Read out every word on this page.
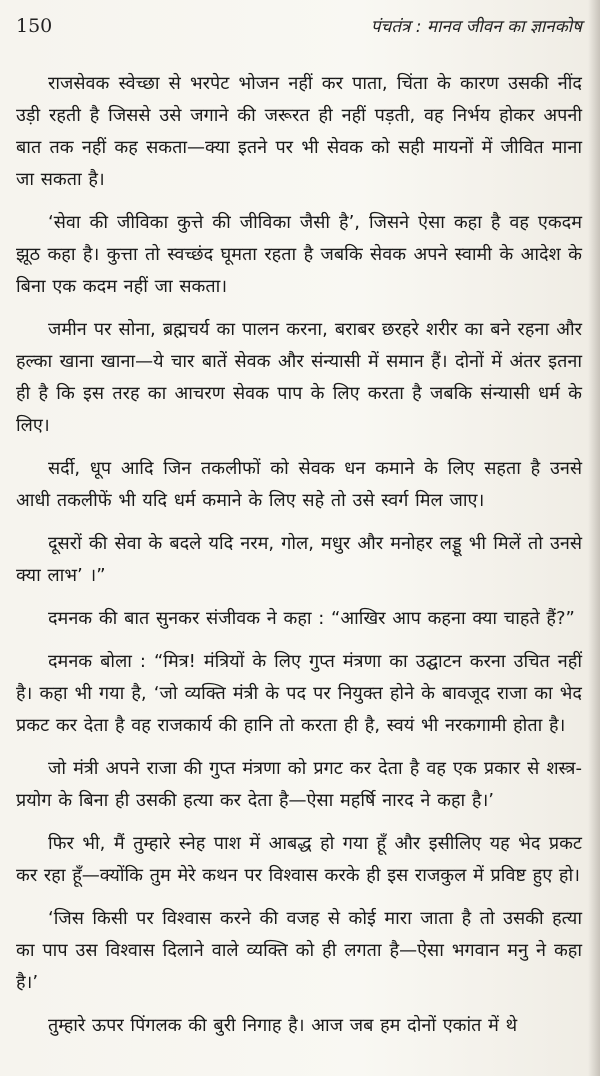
150	पंचतंत्र : मानव जीवन का ज्ञानकोष

राजसेवक स्वेच्छा से भरपेट भोजन नहीं कर पाता, चिंता के कारण उसकी नींद उड़ी रहती है जिससे उसे जगाने की जरूरत ही नहीं पड़ती, वह निर्भय होकर अपनी बात तक नहीं कह सकता—क्या इतने पर भी सेवक को सही मायनों में जीवित माना जा सकता है।

‘सेवा की जीविका कुत्ते की जीविका जैसी है’, जिसने ऐसा कहा है वह एकदम झूठ कहा है। कुत्ता तो स्वच्छंद घूमता रहता है जबकि सेवक अपने स्वामी के आदेश के बिना एक कदम नहीं जा सकता।

जमीन पर सोना, ब्रह्मचर्य का पालन करना, बराबर छरहरे शरीर का बने रहना और हल्का खाना खाना—ये चार बातें सेवक और संन्यासी में समान हैं। दोनों में अंतर इतना ही है कि इस तरह का आचरण सेवक पाप के लिए करता है जबकि संन्यासी धर्म के लिए।

सर्दी, धूप आदि जिन तकलीफों को सेवक धन कमाने के लिए सहता है उनसे आधी तकलीफें भी यदि धर्म कमाने के लिए सहे तो उसे स्वर्ग मिल जाए।

दूसरों की सेवा के बदले यदि नरम, गोल, मधुर और मनोहर लड्डू भी मिलें तो उनसे क्या लाभ’ ।”

दमनक की बात सुनकर संजीवक ने कहा : “आखिर आप कहना क्या चाहते हैं?”

दमनक बोला : “मित्र! मंत्रियों के लिए गुप्त मंत्रणा का उद्घाटन करना उचित नहीं है। कहा भी गया है, ‘जो व्यक्ति मंत्री के पद पर नियुक्त होने के बावजूद राजा का भेद प्रकट कर देता है वह राजकार्य की हानि तो करता ही है, स्वयं भी नरकगामी होता है।

जो मंत्री अपने राजा की गुप्त मंत्रणा को प्रगट कर देता है वह एक प्रकार से शस्त्र-प्रयोग के बिना ही उसकी हत्या कर देता है—ऐसा महर्षि नारद ने कहा है।’

फिर भी, मैं तुम्हारे स्नेह पाश में आबद्ध हो गया हूँ और इसीलिए यह भेद प्रकट कर रहा हूँ—क्योंकि तुम मेरे कथन पर विश्वास करके ही इस राजकुल में प्रविष्ट हुए हो।

‘जिस किसी पर विश्वास करने की वजह से कोई मारा जाता है तो उसकी हत्या का पाप उस विश्वास दिलाने वाले व्यक्ति को ही लगता है—ऐसा भगवान मनु ने कहा है।’

तुम्हारे ऊपर पिंगलक की बुरी निगाह है। आज जब हम दोनों एकांत में थे
